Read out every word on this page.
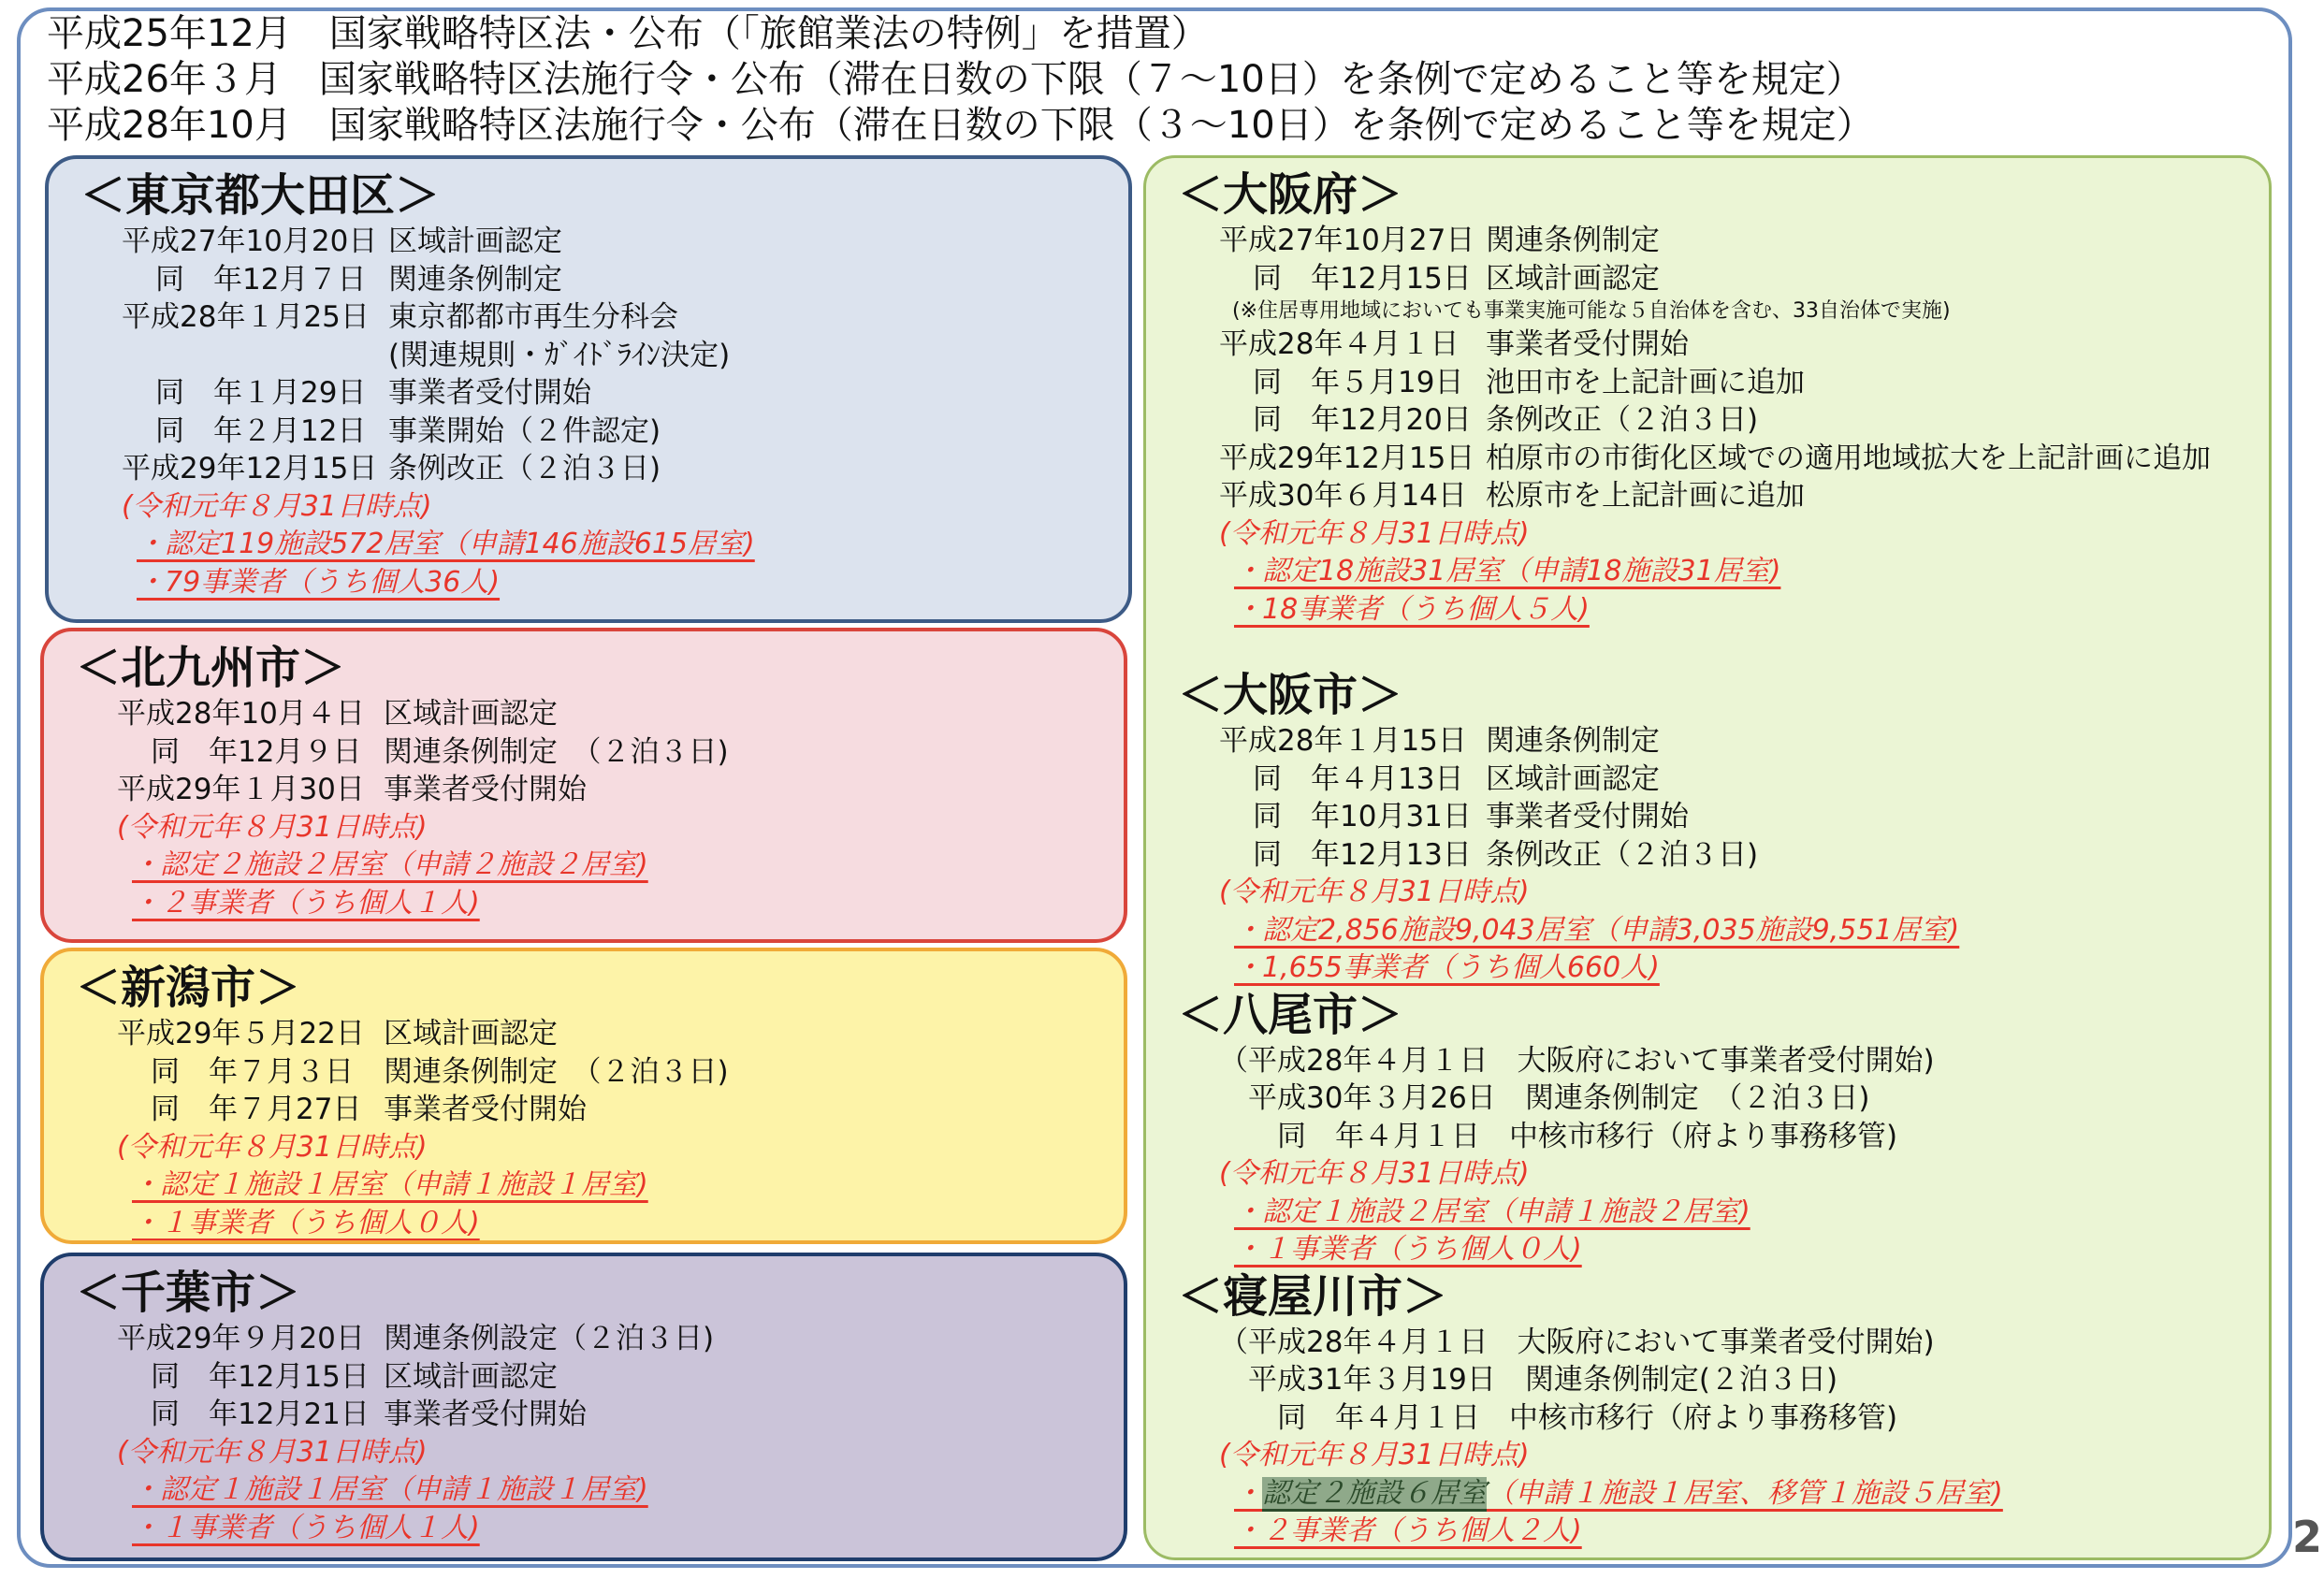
平成25年12月　国家戦略特区法・公布（「旅館業法の特例」を措置）
平成26年３月　国家戦略特区法施行令・公布（滞在日数の下限（７～10日）を条例で定めること等を規定）
平成28年10月　国家戦略特区法施行令・公布（滞在日数の下限（３～10日）を条例で定めること等を規定）
＜東京都大田区＞
平成27年10月20日 区域計画認定
同　年12月７日 関連条例制定
平成28年１月25日 東京都都市再生分科会
(関連規則・ｶﾞｲﾄﾞﾗｲﾝ決定)
同　年１月29日 事業者受付開始
同　年２月12日 事業開始（２件認定)
平成29年12月15日 条例改正（２泊３日)
(令和元年８月31日時点)
・認定119施設572居室（申請146施設615居室)
・79事業者（うち個人36人)
＜北九州市＞
平成28年10月４日 区域計画認定
同　年12月９日 関連条例制定　（２泊３日)
平成29年１月30日 事業者受付開始
(令和元年８月31日時点)
・認定２施設２居室（申請２施設２居室)
・２事業者（うち個人１人)
＜新潟市＞
平成29年５月22日 区域計画認定
同　年７月３日 関連条例制定　（２泊３日)
同　年７月27日 事業者受付開始
(令和元年８月31日時点)
・認定１施設１居室（申請１施設１居室)
・１事業者（うち個人０人)
＜千葉市＞
平成29年９月20日 関連条例設定（２泊３日)
同　年12月15日 区域計画認定
同　年12月21日 事業者受付開始
(令和元年８月31日時点)
・認定１施設１居室（申請１施設１居室)
・１事業者（うち個人１人)
＜大阪府＞
平成27年10月27日 関連条例制定
同　年12月15日 区域計画認定
(※住居専用地域においても事業実施可能な５自治体を含む、33自治体で実施)
平成28年４月１日 事業者受付開始
同　年５月19日 池田市を上記計画に追加
同　年12月20日 条例改正（２泊３日)
平成29年12月15日 柏原市の市街化区域での適用地域拡大を上記計画に追加
平成30年６月14日 松原市を上記計画に追加
(令和元年８月31日時点)
・認定18施設31居室（申請18施設31居室)
・18事業者（うち個人５人)
＜大阪市＞
平成28年１月15日 関連条例制定
同　年４月13日 区域計画認定
同　年10月31日 事業者受付開始
同　年12月13日 条例改正（２泊３日)
(令和元年８月31日時点)
・認定2,856施設9,043居室（申請3,035施設9,551居室)
・1,655事業者（うち個人660人)
＜八尾市＞
（平成28年４月１日　大阪府において事業者受付開始)
　平成30年３月26日　関連条例制定　（２泊３日)
　　同　年４月１日　中核市移行（府より事務移管)
(令和元年８月31日時点)
・認定１施設２居室（申請１施設２居室)
・１事業者（うち個人０人)
＜寝屋川市＞
（平成28年４月１日　大阪府において事業者受付開始)
　平成31年３月19日　関連条例制定(２泊３日)
　　同　年４月１日　中核市移行（府より事務移管)
(令和元年８月31日時点)
・認定２施設６居室（申請１施設１居室、移管１施設５居室)
・２事業者（うち個人２人)	2
